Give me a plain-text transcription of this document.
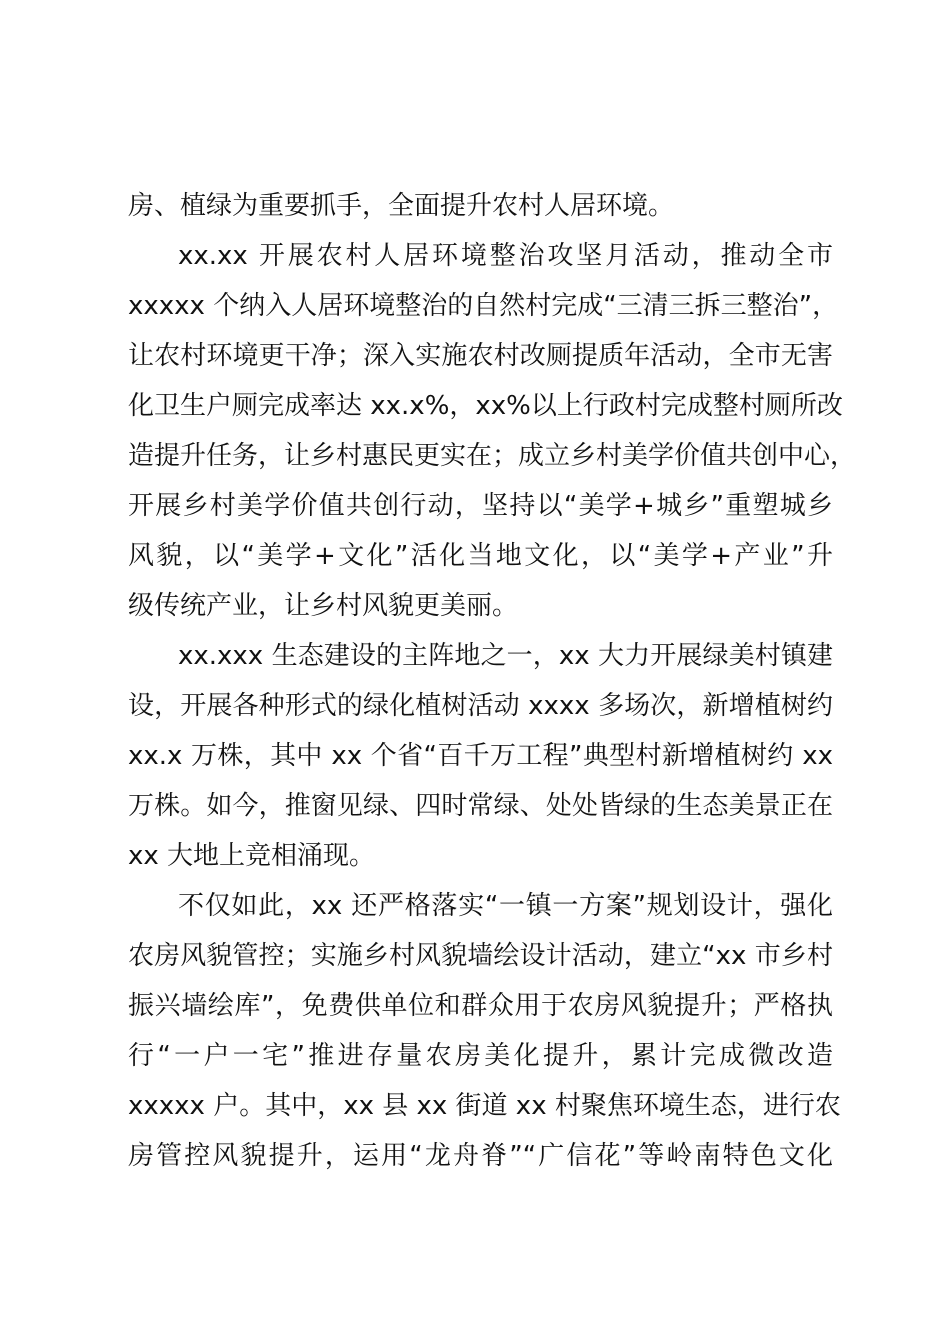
房、植绿为重要抓手，全面提升农村人居环境。
xx.xx 开展农村人居环境整治攻坚月活动，推动全市
xxxxx 个纳入人居环境整治的自然村完成“三清三拆三整治”，
让农村环境更干净；深入实施农村改厕提质年活动，全市无害
化卫生户厕完成率达 xx.x%，xx%以上行政村完成整村厕所改
造提升任务，让乡村惠民更实在；成立乡村美学价值共创中心，
开展乡村美学价值共创行动，坚持以“美学+城乡”重塑城乡
风貌，以“美学+文化”活化当地文化，以“美学+产业”升
级传统产业，让乡村风貌更美丽。
xx.xxx 生态建设的主阵地之一，xx 大力开展绿美村镇建
设，开展各种形式的绿化植树活动 xxxx 多场次，新增植树约
xx.x 万株，其中 xx 个省“百千万工程”典型村新增植树约 xx
万株。如今，推窗见绿、四时常绿、处处皆绿的生态美景正在
xx 大地上竞相涌现。
不仅如此，xx 还严格落实“一镇一方案”规划设计，强化
农房风貌管控；实施乡村风貌墙绘设计活动，建立“xx 市乡村
振兴墙绘库”，免费供单位和群众用于农房风貌提升；严格执
行“一户一宅”推进存量农房美化提升，累计完成微改造
xxxxx 户。其中，xx 县 xx 街道 xx 村聚焦环境生态，进行农
房管控风貌提升，运用“龙舟脊”“广信花”等岭南特色文化
